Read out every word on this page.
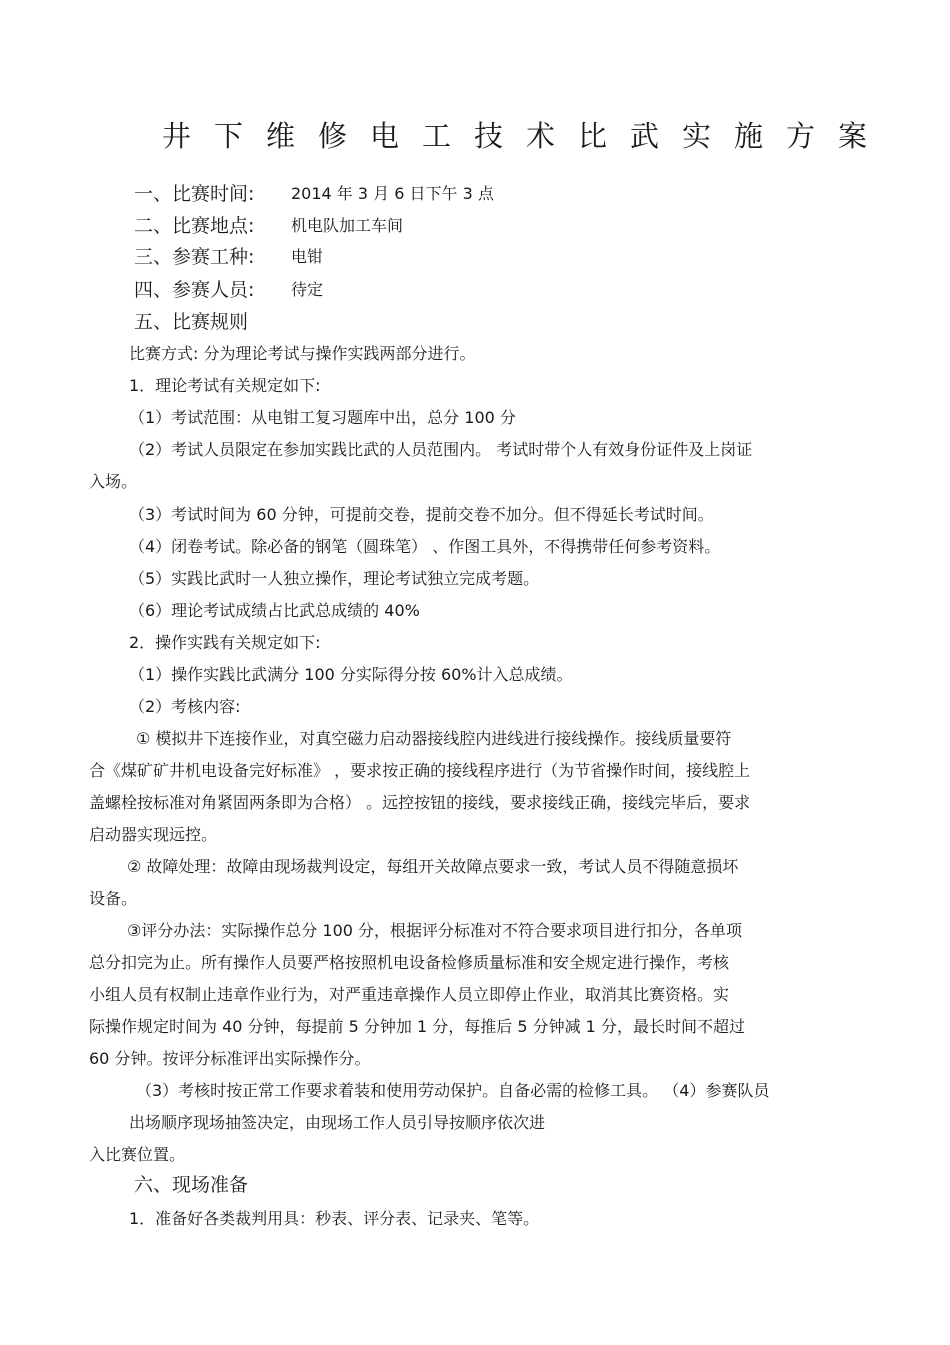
井下维修电工技术比武实施方案
一、比赛时间: 2014 年 3 月 6 日下午 3 点
二、比赛地点: 机电队加工车间
三、参赛工种: 电钳
四、参赛人员: 待定
五、比赛规则
比赛方式: 分为理论考试与操作实践两部分进行。
1．理论考试有关规定如下:
（1）考试范围：从电钳工复习题库中出，总分 100 分
（2）考试人员限定在参加实践比武的人员范围内。 考试时带个人有效身份证件及上岗证
入场。
（3）考试时间为 60 分钟，可提前交卷，提前交卷不加分。但不得延长考试时间。
（4）闭卷考试。除必备的钢笔（圆珠笔） 、作图工具外，不得携带任何参考资料。
（5）实践比武时一人独立操作，理论考试独立完成考题。
（6）理论考试成绩占比武总成绩的 40%
2．操作实践有关规定如下:
（1）操作实践比武满分 100 分实际得分按 60%计入总成绩。
（2）考核内容:
① 模拟井下连接作业，对真空磁力启动器接线腔内进线进行接线操作。接线质量要符
合《煤矿矿井机电设备完好标准》 ，要求按正确的接线程序进行（为节省操作时间，接线腔上
盖螺栓按标准对角紧固两条即为合格） 。远控按钮的接线，要求接线正确，接线完毕后，要求
启动器实现远控。
② 故障处理：故障由现场裁判设定，每组开关故障点要求一致，考试人员不得随意损坏
设备。
③评分办法：实际操作总分 100 分，根据评分标准对不符合要求项目进行扣分，各单项
总分扣完为止。所有操作人员要严格按照机电设备检修质量标准和安全规定进行操作，考核
小组人员有权制止违章作业行为，对严重违章操作人员立即停止作业，取消其比赛资格。实
际操作规定时间为 40 分钟，每提前 5 分钟加 1 分，每推后 5 分钟减 1 分，最长时间不超过
60 分钟。按评分标准评出实际操作分。
（3）考核时按正常工作要求着装和使用劳动保护。自备必需的检修工具。 （4）参赛队员
出场顺序现场抽签决定，由现场工作人员引导按顺序依次进
入比赛位置。
六、现场准备
1．准备好各类裁判用具：秒表、评分表、记录夹、笔等。
